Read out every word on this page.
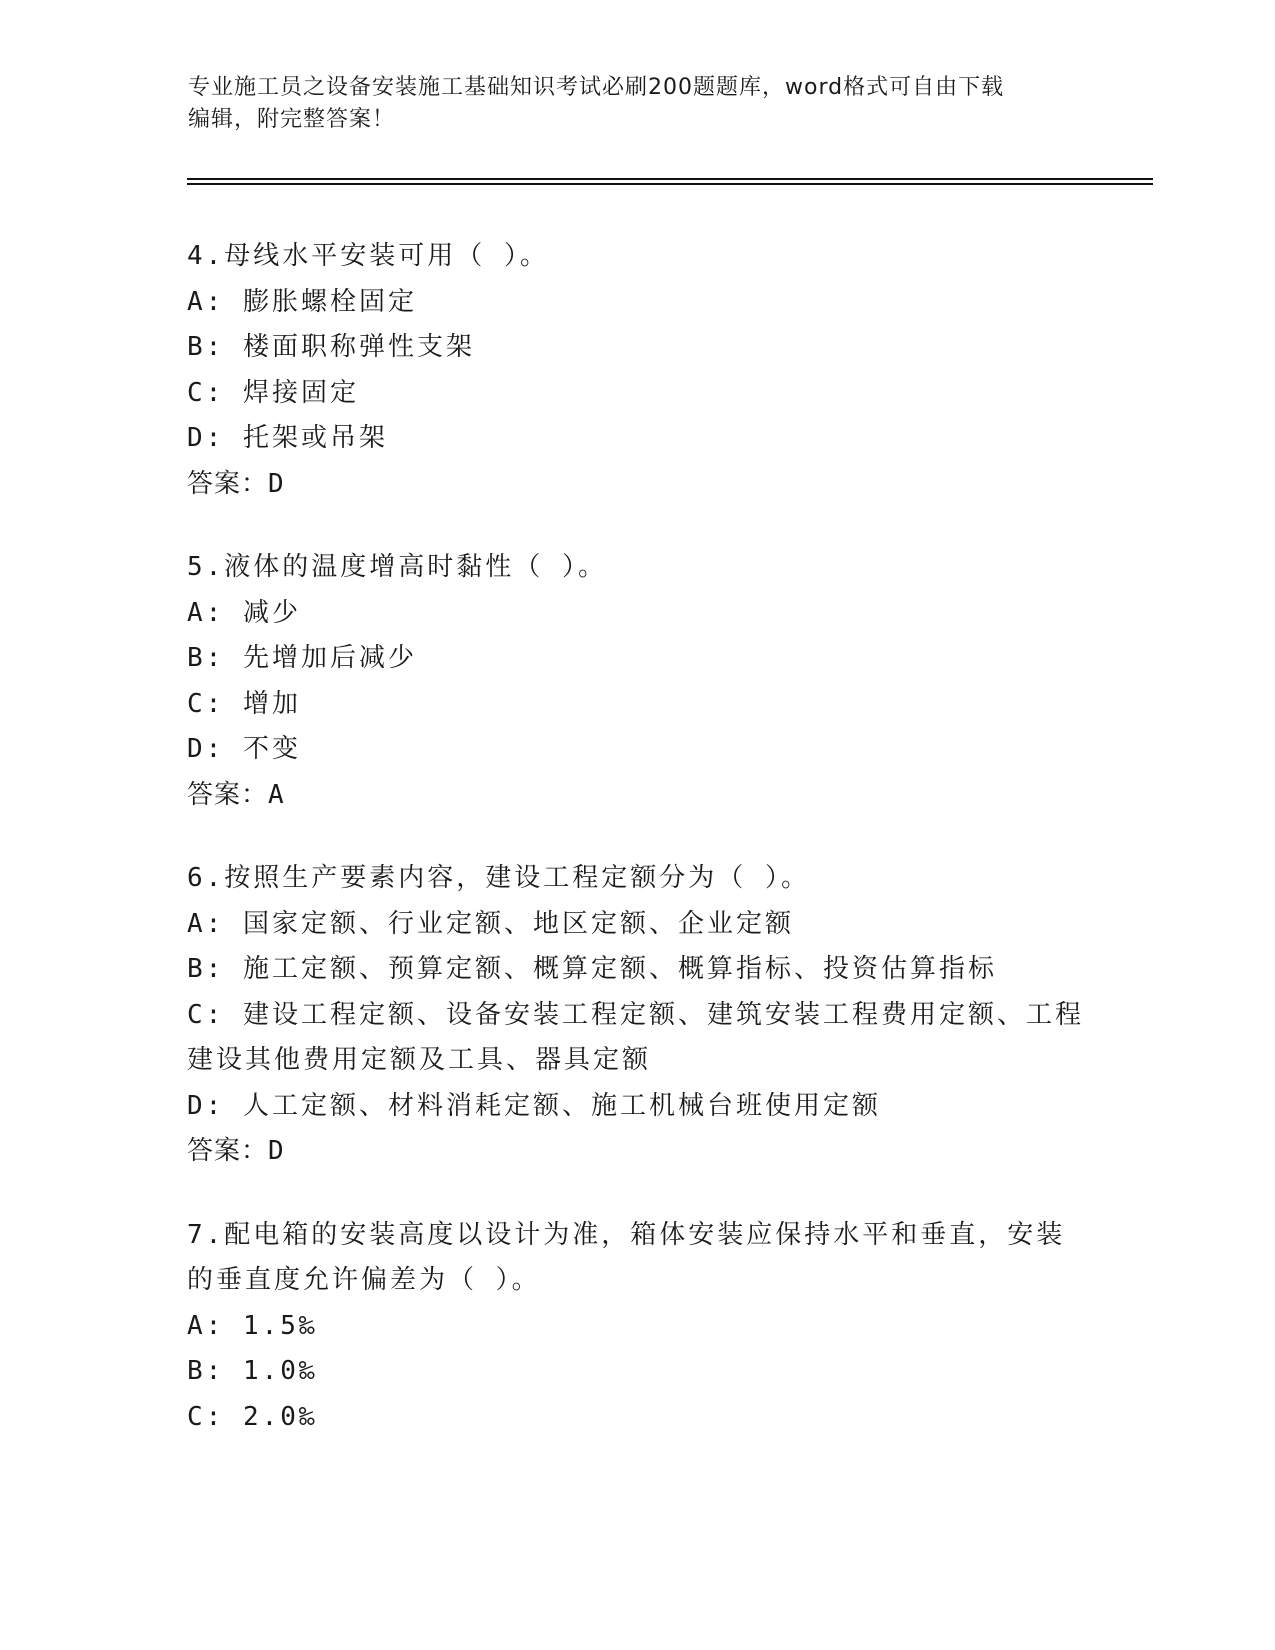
专业施工员之设备安装施工基础知识考试必刷200题题库，word格式可自由下载
编辑，附完整答案！
4.母线水平安装可用（ ）。
A: 膨胀螺栓固定
B: 楼面职称弹性支架
C: 焊接固定
D: 托架或吊架
答案：D
5.液体的温度增高时黏性（ ）。
A: 减少
B: 先增加后减少
C: 增加
D: 不变
答案：A
6.按照生产要素内容，建设工程定额分为（ ）。
A: 国家定额、行业定额、地区定额、企业定额
B: 施工定额、预算定额、概算定额、概算指标、投资估算指标
C: 建设工程定额、设备安装工程定额、建筑安装工程费用定额、工程建设其他费用定额及工具、器具定额
D: 人工定额、材料消耗定额、施工机械台班使用定额
答案：D
7.配电箱的安装高度以设计为准，箱体安装应保持水平和垂直，安装的垂直度允许偏差为（ ）。
A: 1.5‰
B: 1.0‰
C: 2.0‰
